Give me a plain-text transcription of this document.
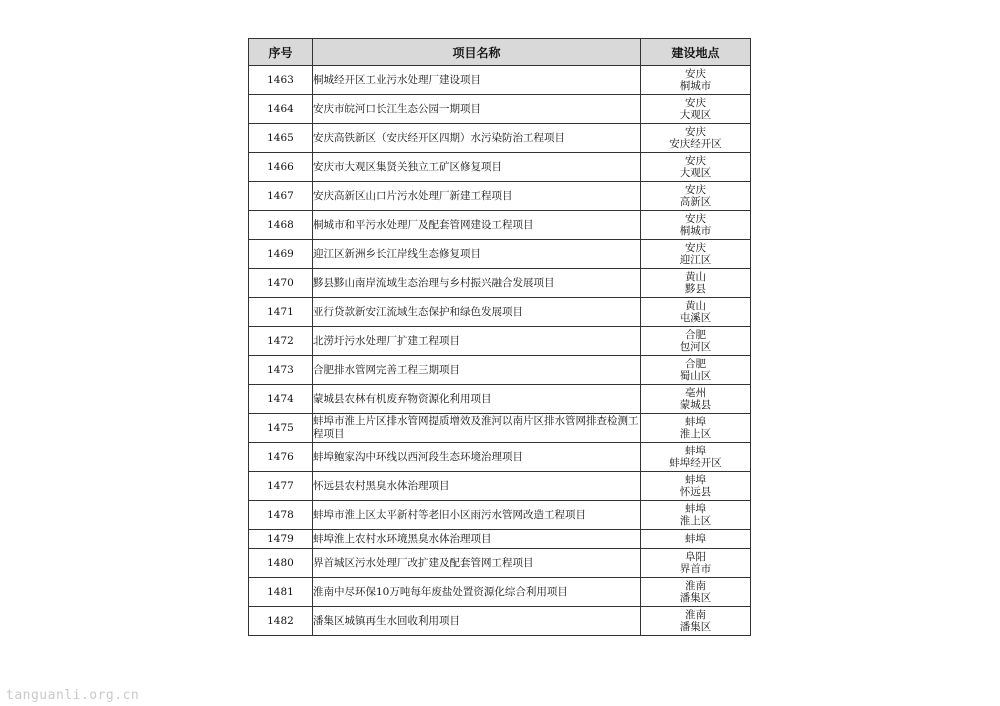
序号	项目名称	建设地点
1463	桐城经开区工业污水处理厂建设项目	安庆
桐城市

1464	安庆市皖河口长江生态公园一期项目	安庆
大观区

1465	安庆高铁新区（安庆经开区四期）水污染防治工程项目	安庆
安庆经开区

1466	安庆市大观区集贤关独立工矿区修复项目	安庆
大观区

1467	安庆高新区山口片污水处理厂新建工程项目	安庆
高新区

1468	桐城市和平污水处理厂及配套管网建设工程项目	安庆
桐城市

1469	迎江区新洲乡长江岸线生态修复项目	安庆
迎江区

1470	黟县黟山南岸流域生态治理与乡村振兴融合发展项目	黄山
黟县

1471	亚行贷款新安江流域生态保护和绿色发展项目	黄山
屯溪区

1472	北涝圩污水处理厂扩建工程项目	合肥
包河区

1473	合肥排水管网完善工程三期项目	合肥
蜀山区

1474	蒙城县农林有机废弃物资源化利用项目	亳州
蒙城县

1475	蚌埠市淮上片区排水管网提质增效及淮河以南片区排水管网排查检测工程项目	蚌埠
淮上区

1476	蚌埠鲍家沟中环线以西河段生态环境治理项目	蚌埠
蚌埠经开区

1477	怀远县农村黑臭水体治理项目	蚌埠
怀远县

1478	蚌埠市淮上区太平新村等老旧小区雨污水管网改造工程项目	蚌埠
淮上区

1479	蚌埠淮上农村水环境黑臭水体治理项目	蚌埠

1480	界首城区污水处理厂改扩建及配套管网工程项目	阜阳
界首市

1481	淮南中尽环保10万吨每年废盐处置资源化综合利用项目	淮南
潘集区

1482	潘集区城镇再生水回收利用项目	淮南
潘集区
tanguanli.org.cn
